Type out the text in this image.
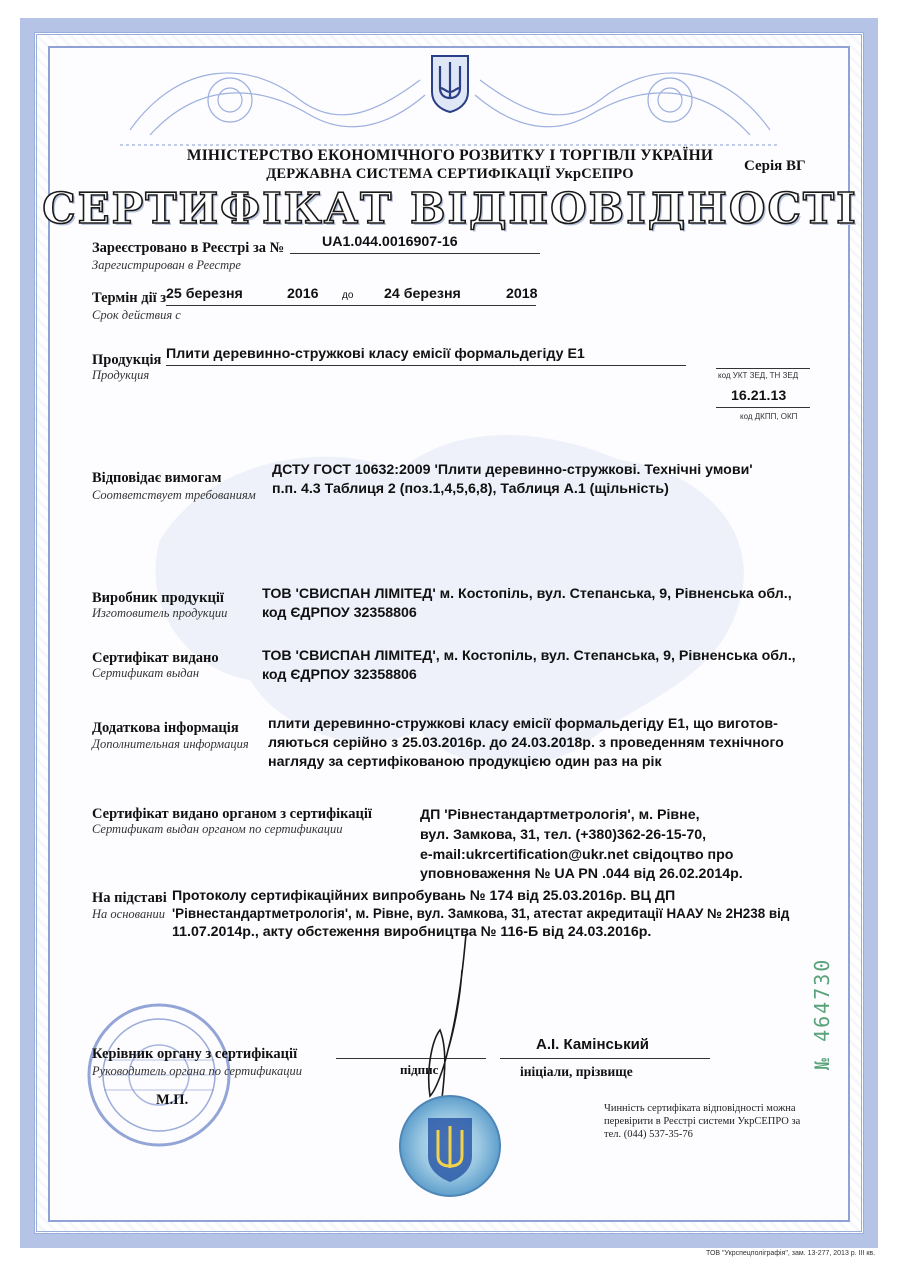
МІНІСТЕРСТВО ЕКОНОМІЧНОГО РОЗВИТКУ І ТОРГІВЛІ УКРАЇНИ
ДЕРЖАВНА СИСТЕМА СЕРТИФІКАЦІЇ УкрСЕПРО	Серія ВГ
СЕРТИФІКАТ ВІДПОВІДНОСТІ
Зареєстровано в Реєстрі за №
Зарегистрирован в Реестре
UA1.044.0016907-16
Термін дії з
Срок действия с
25 березня	2016 до 24 березня	2018
Продукція
Продукция
Плити деревинно-стружкові класу емісії формальдегіду Е1
код УКТ ЗЕД, ТН ЗЕД
16.21.13
код ДКПП, ОКП
Відповідає вимогам
Соответствует требованиям
ДСТУ ГОСТ 10632:2009 'Плити деревинно-стружкові. Технічні умови'
п.п. 4.3 Таблиця 2 (поз.1,4,5,6,8), Таблиця А.1 (щільність)
Виробник продукції
Изготовитель продукции
ТОВ 'СВИСПАН ЛІМІТЕД' м. Костопіль, вул. Степанська, 9, Рівненська обл.,
код ЄДРПОУ 32358806
Сертифікат видано
Сертификат выдан
ТОВ 'СВИСПАН ЛІМІТЕД', м. Костопіль, вул. Степанська, 9, Рівненська обл.,
код ЄДРПОУ 32358806
Додаткова інформація
Дополнительная информация
плити деревинно-стружкові класу емісії формальдегіду Е1, що виготов-
ляються серійно з 25.03.2016р. до 24.03.2018р. з проведенням технічного
нагляду за сертифікованою продукцією один раз на рік
Сертифікат видано органом з сертифікації
Сертификат выдан органом по сертификации
ДП 'Рівнестандартметрологія', м. Рівне,
вул. Замкова, 31, тел. (+380)362-26-15-70,
e-mail:ukrcertification@ukr.net свідоцтво про
уповноваження № UA PN .044 від 26.02.2014р.
На підставі
На основании
Протоколу сертифікаційних випробувань № 174 від 25.03.2016р. ВЦ ДП
'Рівнестандартметрологія', м. Рівне, вул. Замкова, 31, атестат акредитації НААУ № 2Н238 від
11.07.2014р., акту обстеження виробництва № 116-Б від 24.03.2016р.
Керівник органу з сертифікації
Руководитель органа по сертификации
М.П.
підпис
А.І. Камінський
ініціали, прізвище
Чинність сертифіката відповідності можна перевірити в Реєстрі системи УкрСЕПРО за тел. (044) 537-35-76
№ 464730
ТОВ "Укрспецполіграфія", зам. 13-277, 2013 р. III кв.
